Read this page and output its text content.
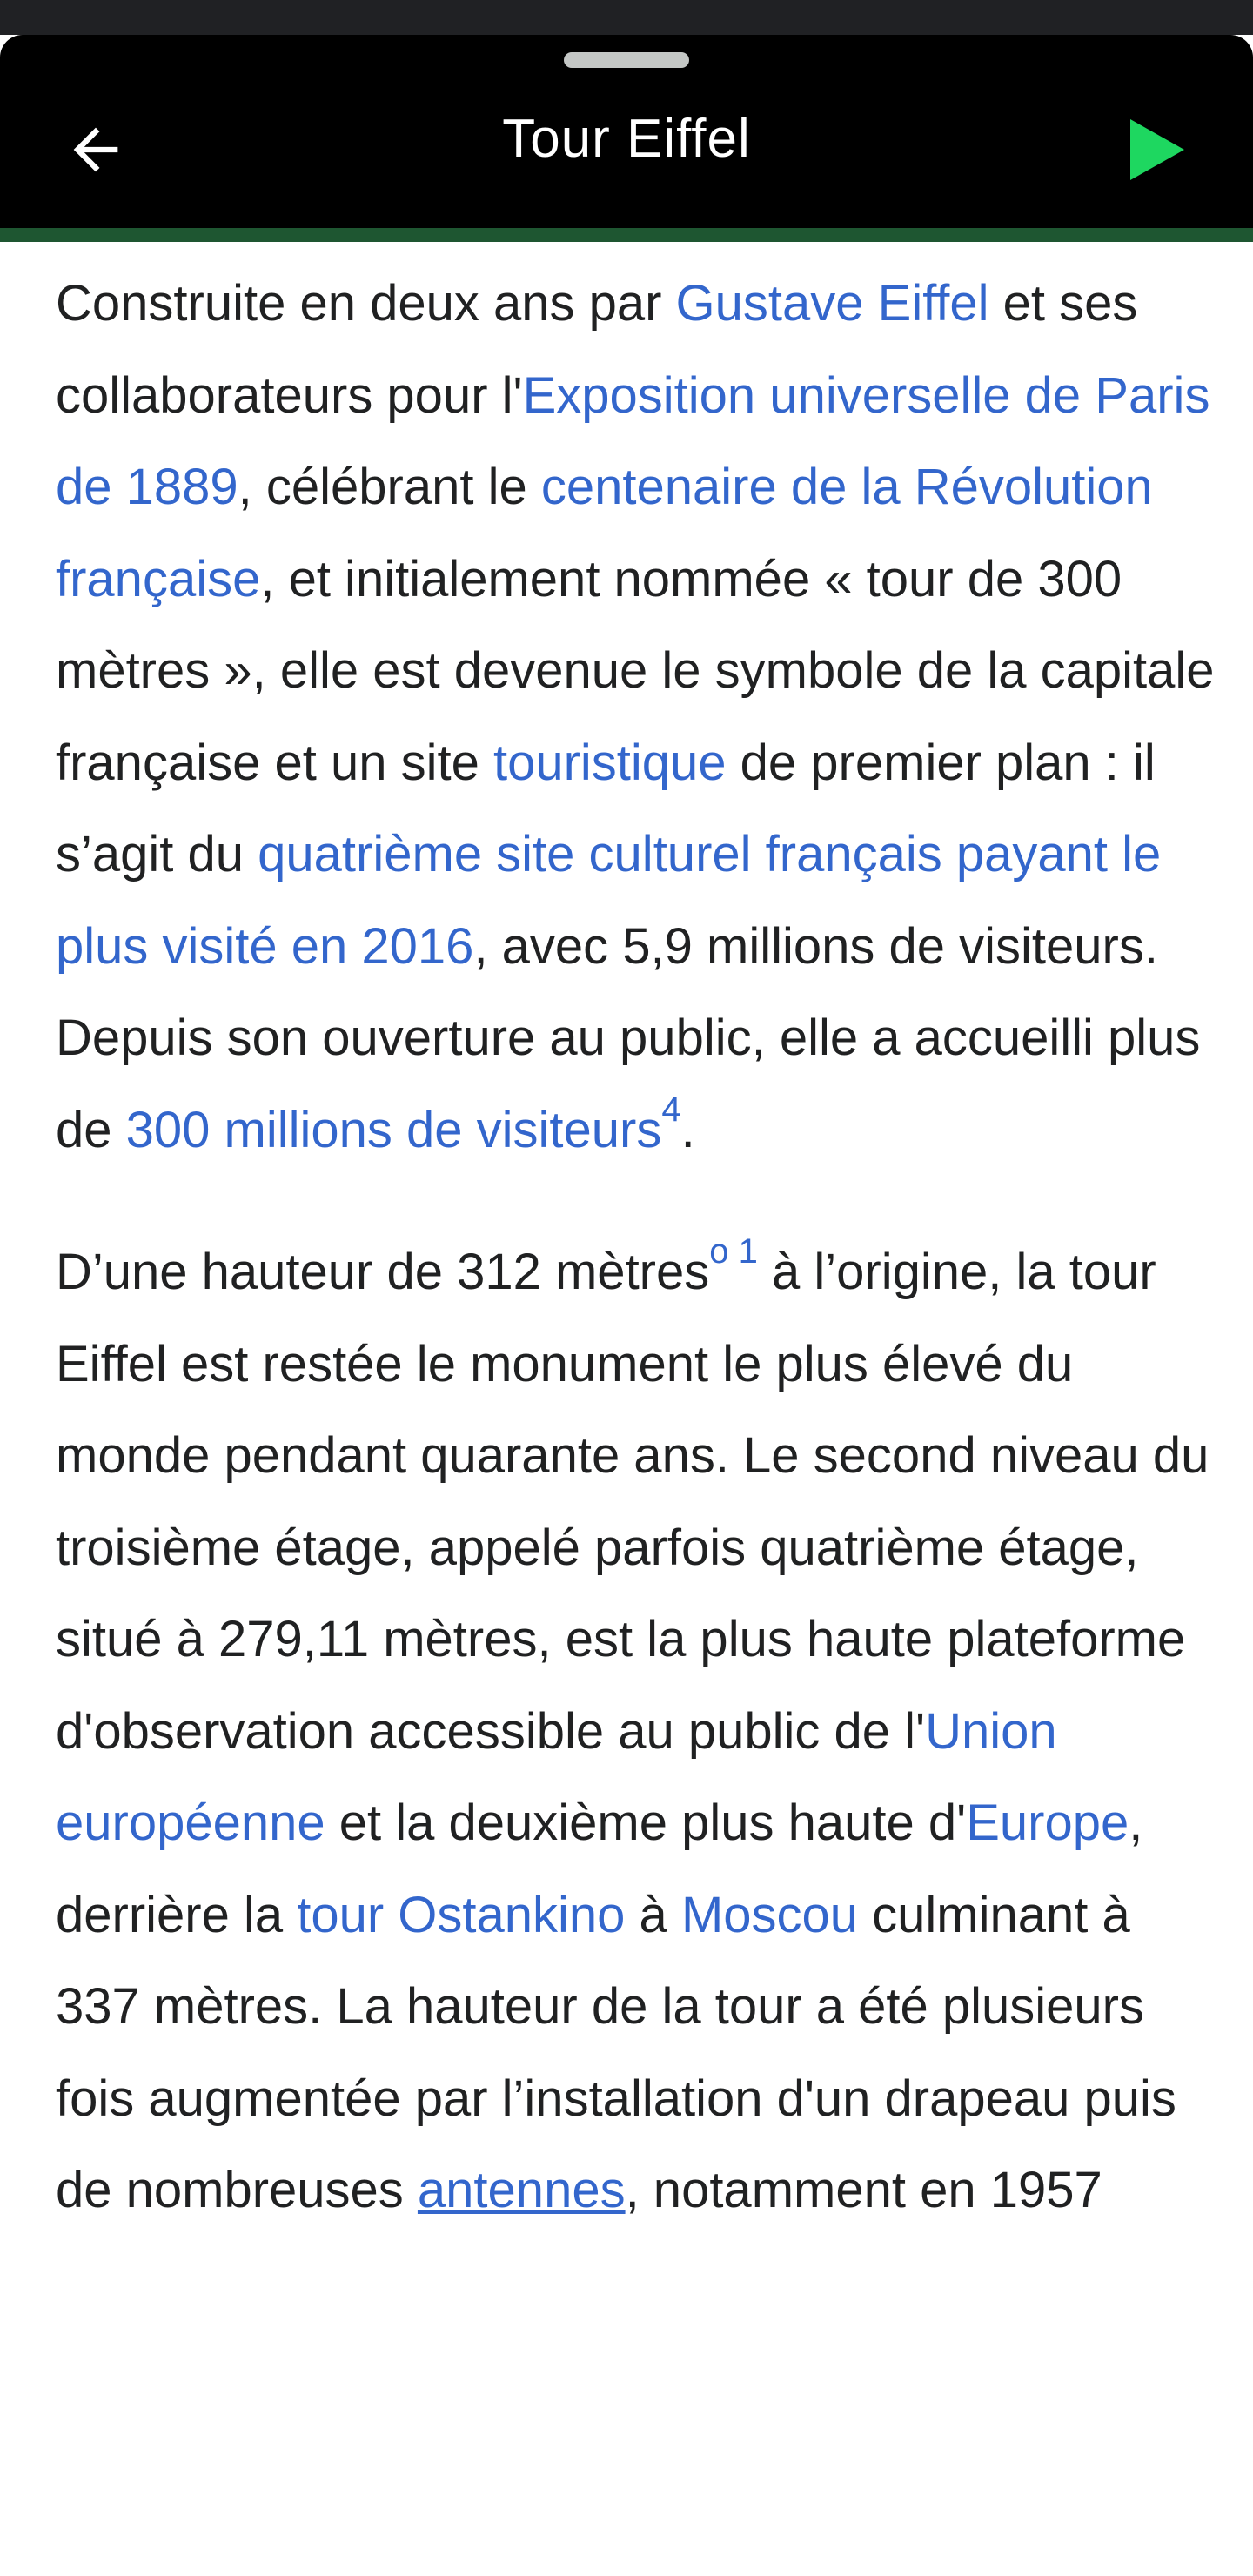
Tour Eiffel

Construite en deux ans par Gustave Eiffel et ses collaborateurs pour l'Exposition universelle de Paris de 1889, célébrant le centenaire de la Révolution française, et initialement nommée « tour de 300 mètres », elle est devenue le symbole de la capitale française et un site touristique de premier plan : il s’agit du quatrième site culturel français payant le plus visité en 2016, avec 5,9 millions de visiteurs. Depuis son ouverture au public, elle a accueilli plus de 300 millions de visiteurs$^4$.

D’une hauteur de 312 mètres$^{o 1}$ à l’origine, la tour Eiffel est restée le monument le plus élevé du monde pendant quarante ans. Le second niveau du troisième étage, appelé parfois quatrième étage, situé à 279,11 mètres, est la plus haute plateforme d'observation accessible au public de l'Union européenne et la deuxième plus haute d'Europe, derrière la tour Ostankino à Moscou culminant à 337 mètres. La hauteur de la tour a été plusieurs fois augmentée par l’installation d'un drapeau puis de nombreuses antennes, notamment en 1957
